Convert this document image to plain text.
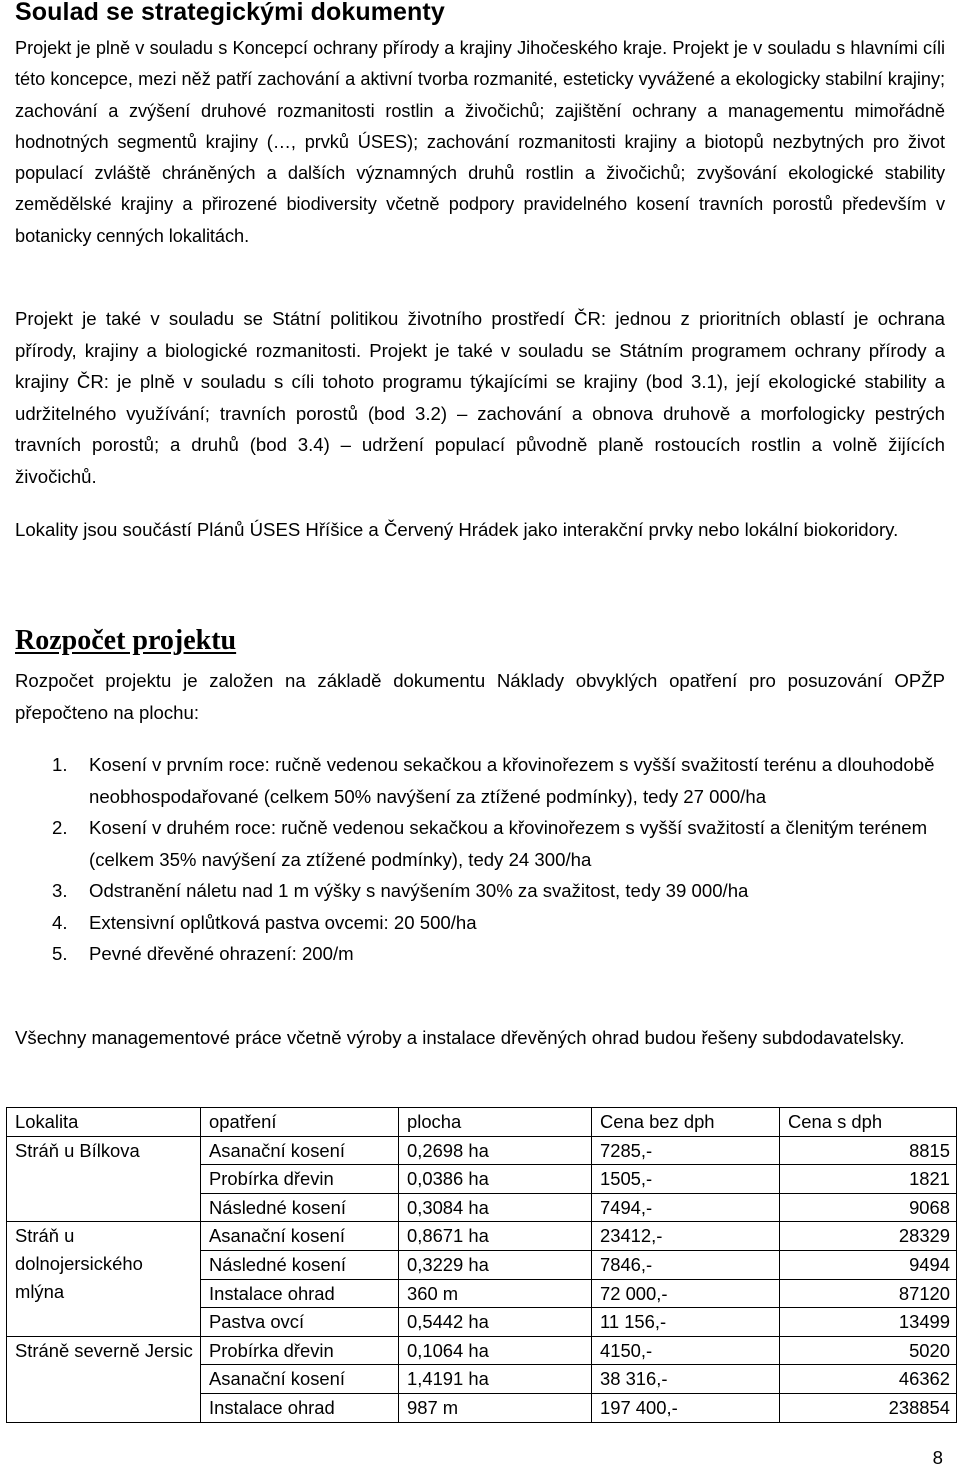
Soulad se strategickými dokumenty

Projekt je plně v souladu s Koncepcí ochrany přírody a krajiny Jihočeského kraje. Projekt je v souladu s hlavními cíli této koncepce, mezi něž patří zachování a aktivní tvorba rozmanité, esteticky vyvážené a ekologicky stabilní krajiny; zachování a zvýšení druhové rozmanitosti rostlin a živočichů; zajištění ochrany a managementu mimořádně hodnotných segmentů krajiny (…, prvků ÚSES); zachování rozmanitosti krajiny a biotopů nezbytných pro život populací zvláště chráněných a dalších významných druhů rostlin a živočichů; zvyšování ekologické stability zemědělské krajiny a přirozené biodiversity včetně podpory pravidelného kosení travních porostů především v botanicky cenných lokalitách.

Projekt je také v souladu se Státní politikou životního prostředí ČR: jednou z prioritních oblastí je ochrana přírody, krajiny a biologické rozmanitosti. Projekt je také v souladu se Státním programem ochrany přírody a krajiny ČR: je plně v souladu s cíli tohoto programu týkajícími se krajiny (bod 3.1), její ekologické stability a udržitelného využívání; travních porostů (bod 3.2) – zachování a obnova druhově a morfologicky pestrých travních porostů; a druhů (bod 3.4) – udržení populací původně planě rostoucích rostlin a volně žijících živočichů.

Lokality jsou součástí Plánů ÚSES Hříšice a Červený Hrádek jako interakční prvky nebo lokální biokoridory.

Rozpočet projektu

Rozpočet projektu je založen na základě dokumentu Náklady obvyklých opatření pro posuzování OPŽP přepočteno na plochu:

1. Kosení v prvním roce: ručně vedenou sekačkou a křovinořezem s vyšší svažitostí terénu a dlouhodobě neobhospodařované (celkem 50% navýšení za ztížené podmínky), tedy 27 000/ha
2. Kosení v druhém roce: ručně vedenou sekačkou a křovinořezem s vyšší svažitostí a členitým terénem (celkem 35% navýšení za ztížené podmínky), tedy 24 300/ha
3. Odstranění náletu nad 1 m výšky s navýšením 30% za svažitost, tedy 39 000/ha
4. Extensivní oplůtková pastva ovcemi: 20 500/ha
5. Pevné dřevěné ohrazení: 200/m

Všechny managementové práce včetně výroby a instalace dřevěných ohrad budou řešeny subdodavatelsky.

Lokalita	opatření	plocha	Cena bez dph	Cena s dph
Stráň u Bílkova	Asanační kosení	0,2698 ha	7285,-	8815
	Probírka dřevin	0,0386 ha	1505,-	1821
	Následné kosení	0,3084 ha	7494,-	9068
Stráň u dolnojersického mlýna	Asanační kosení	0,8671 ha	23412,-	28329
	Následné kosení	0,3229 ha	7846,-	9494
	Instalace ohrad	360 m	72 000,-	87120
	Pastva ovcí	0,5442 ha	11 156,-	13499
Stráně severně Jersic	Probírka dřevin	0,1064 ha	4150,-	5020
	Asanační kosení	1,4191 ha	38 316,-	46362
	Instalace ohrad	987 m	197 400,-	238854

8
